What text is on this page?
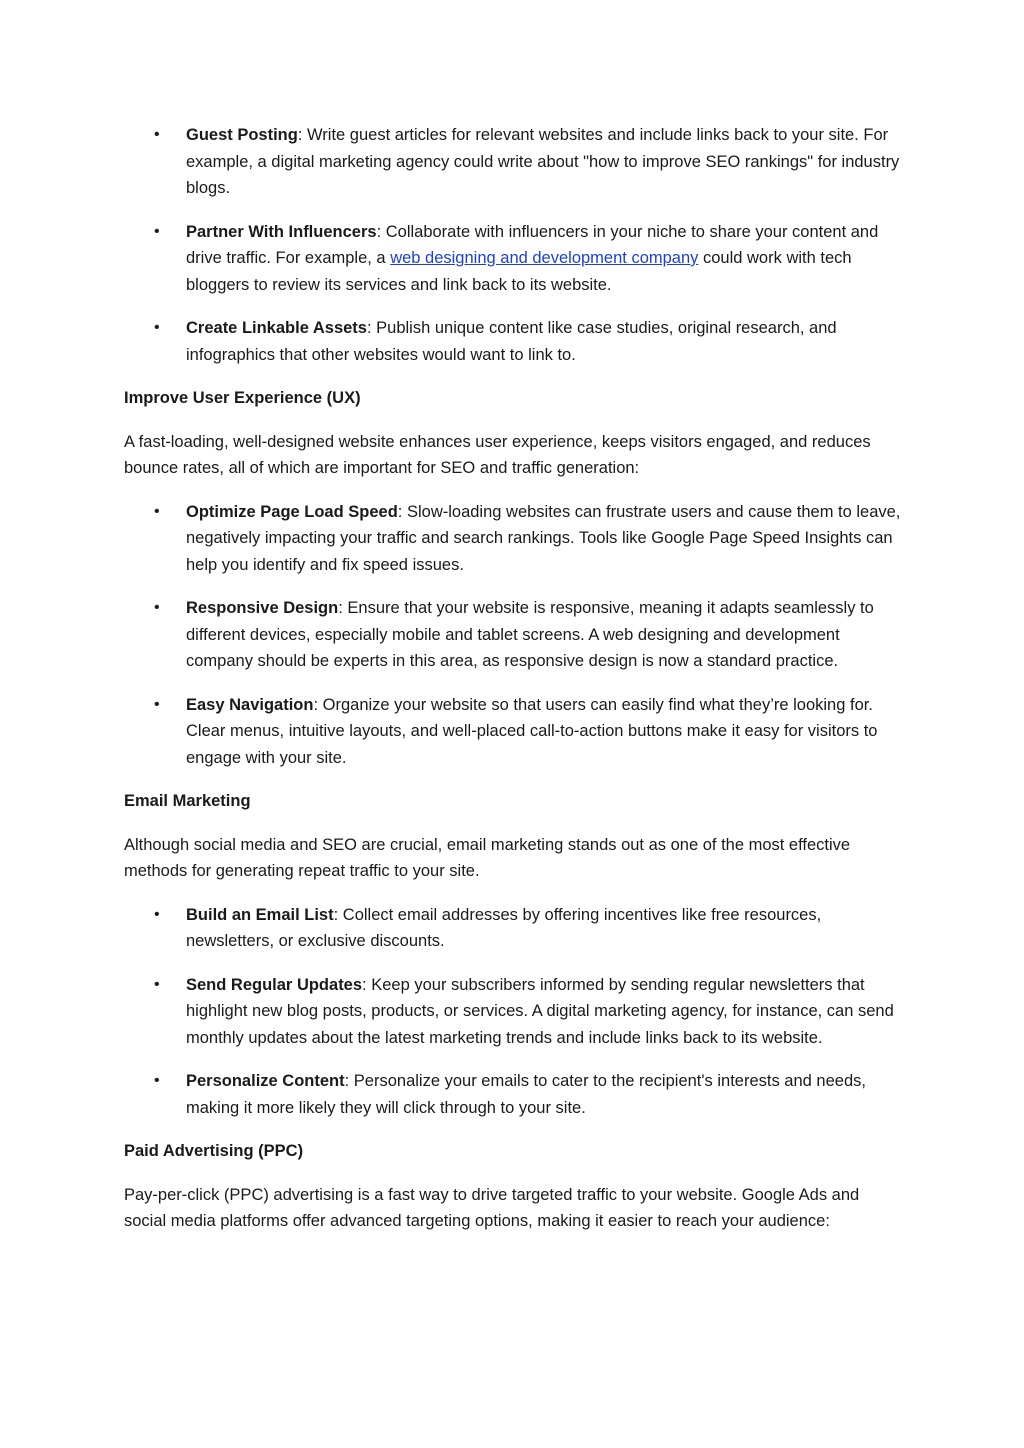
• Guest Posting: Write guest articles for relevant websites and include links back to your site. For example, a digital marketing agency could write about "how to improve SEO rankings" for industry blogs.
• Partner With Influencers: Collaborate with influencers in your niche to share your content and drive traffic. For example, a web designing and development company could work with tech bloggers to review its services and link back to its website.
• Create Linkable Assets: Publish unique content like case studies, original research, and infographics that other websites would want to link to.
Improve User Experience (UX)

A fast-loading, well-designed website enhances user experience, keeps visitors engaged, and reduces bounce rates, all of which are important for SEO and traffic generation:

• Optimize Page Load Speed: Slow-loading websites can frustrate users and cause them to leave, negatively impacting your traffic and search rankings. Tools like Google Page Speed Insights can help you identify and fix speed issues.
• Responsive Design: Ensure that your website is responsive, meaning it adapts seamlessly to different devices, especially mobile and tablet screens. A web designing and development company should be experts in this area, as responsive design is now a standard practice.
• Easy Navigation: Organize your website so that users can easily find what they’re looking for. Clear menus, intuitive layouts, and well-placed call-to-action buttons make it easy for visitors to engage with your site.
Email Marketing

Although social media and SEO are crucial, email marketing stands out as one of the most effective methods for generating repeat traffic to your site.

• Build an Email List: Collect email addresses by offering incentives like free resources, newsletters, or exclusive discounts.
• Send Regular Updates: Keep your subscribers informed by sending regular newsletters that highlight new blog posts, products, or services. A digital marketing agency, for instance, can send monthly updates about the latest marketing trends and include links back to its website.
• Personalize Content: Personalize your emails to cater to the recipient's interests and needs, making it more likely they will click through to your site.
Paid Advertising (PPC)

Pay-per-click (PPC) advertising is a fast way to drive targeted traffic to your website. Google Ads and social media platforms offer advanced targeting options, making it easier to reach your audience:
